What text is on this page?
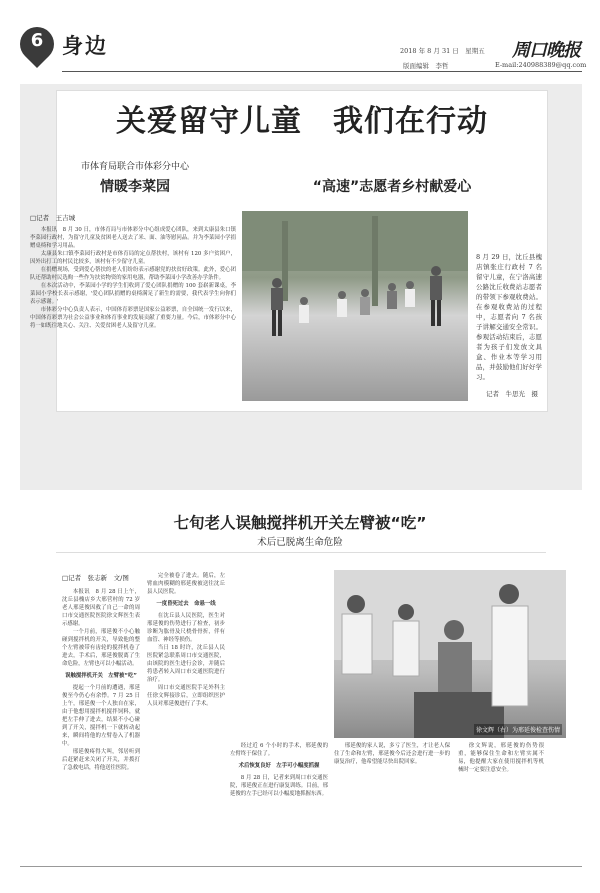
6 身边	2018 年 8 月 31 日　星期五 周口晚报
版面编辑　李哲	E-mail:240988389@qq.com
关爱留守儿童　我们在行动
市体育局联合市体彩分中心
情暖李菜园
□记者　王吉城

本报讯　8 月 30 日，市体育局与市体彩分中心组成爱心团队，来到太康县朱口镇李菜园行政村，为留守儿童及贫困老人送去了米、面、油等慰问品。并为李菜园小学捐赠桌椅和学习用品。

太康县朱口镇李菜园行政村是市体育局的定点帮扶村，该村有 120 多户贫困户，因外出打工的村民比较多，该村有不少留守儿童。

在捐赠现场，受到爱心帮扶的老人们纷纷表示感谢党的扶贫好政策。此外，爱心团队还帮助村民选购一些作为扶贫物资的家用电器，帮助李菜园小学改善办学条件。

在本次活动中，李菜园小学的学生们收到了爱心团队捐赠的 100 套崭新课桌，李菜园小学校长表示感谢，'爱心团队捐赠的桌椅满足了新生的需要，我代表学生向你们表示感谢。'

市体彩分中心负责人表示，中国体育彩票是国家公益彩票，自全国统一发行以来，中国体育彩票为社会公益事业和体育事业的发展贡献了重要力量。今后，市体彩分中心将一如既往地关心、关注、关爱贫困老人及留守儿童。

“高速”志愿者乡村献爱心
8 月 29 日，沈丘县槐店镇张庄行政村 7 名留守儿童，在宁洛高速公路沈丘收费站志愿者的带领下参观收费站。在参观收费站的过程中，志愿者向 7 名孩子讲解交通安全常识。参观活动结束后，志愿者为孩子们发放文具盒、作业本等学习用品，并鼓励他们好好学习。
记者　牛思光　摄
七旬老人误触搅拌机开关左臂被“吃”
术后已脱离生命危险
□记者　张志新　文/图

本报讯　8 月 28 日上午，沈丘县槐店乡大邢营村的 72 岁老人邢延俊因救了自己一命的周口市交通医院医院徐文辉医生表示感谢。

一个月前，邢延俊不小心触碰到搅拌机的开关，导致他的整个左臂被带有齿轮的搅拌机卷了进去，手术后，邢延俊脱离了生命危险，左臂也可以小幅活动。

误触搅拌机开关　左臂被“吃”

提起一个月前的遭遇，邢延俊至今仍心有余悸。7 月 25 日上午，邢延俊一个人独自在家，由于他想用搅拌机搅拌饲料，就把左手伸了进去，结果不小心碰到了开关，搅拌机一下就转动起来，瞬间将他的左臂卷入了机器中。

邢延俊疼得大叫，邻居听到后赶紧赶来关闭了开关，并拨打了急救电话，将他送往医院。

完全被卷了进去。随后，左臂血肉模糊的邢延俊被送往沈丘县人民医院。

一度昏死过去　命悬一线

在沈丘县人民医院，医生对邢延俊的伤势进行了检查，初步诊断为肱骨及尺桡骨骨折，伴有血管、神经等损伤。

当日 18 时许，沈丘县人民医院紧急联系周口市交通医院，由该院的医生进行会诊，并随后将患者转入周口市交通医院进行治疗。

周口市交通医院手足外科主任徐文辉接诊后，立即组织医护人员对邢延俊进行了手术。

徐文辉（右）为邢延俊检查伤情

经过近 6 个小时的手术，邢延俊的左臂终于保住了。

术后恢复良好　左手可小幅度抓握

8 月 28 日，记者来到周口市交通医院，邢延俊正在进行康复训练。目前，邢延俊的左手已经可以小幅度地抓握东西。

邢延俊的家人说，多亏了医生，才让老人保住了生命和左臂，邢延俊今后还会进行进一步的康复治疗，他希望能尽快出院回家。

徐文辉说，邢延俊的伤势很重，能够保住生命和左臂实属不易，他提醒大家在使用搅拌机等机械时一定要注意安全。
